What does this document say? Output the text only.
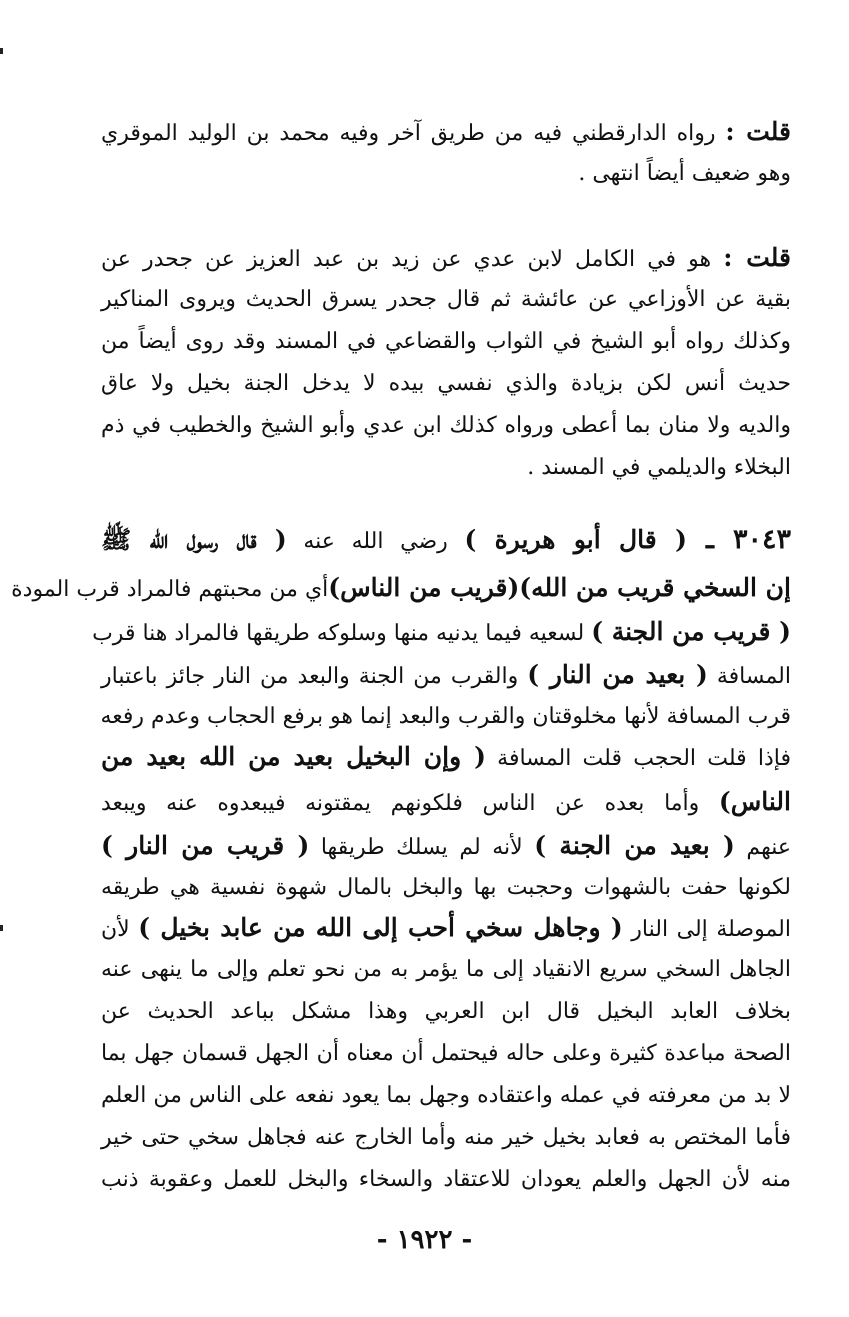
قلت : رواه الدارقطني فيه من طريق آخر وفيه محمد بن الوليد الموقري
وهو ضعيف أيضاً انتهى .
قلت : هو في الكامل لابن عدي عن زيد بن عبد العزيز عن جحدر عن
بقية عن الأوزاعي عن عائشة ثم قال جحدر يسرق الحديث ويروى المناكير
وكذلك رواه أبو الشيخ في الثواب والقضاعي في المسند وقد روى أيضاً من
حديث أنس لكن بزيادة والذي نفسي بيده لا يدخل الجنة بخيل ولا عاق
والديه ولا منان بما أعطى ورواه كذلك ابن عدي وأبو الشيخ والخطيب في ذم
البخلاء والديلمي في المسند .
٣٠٤٣ ـ ( قال أبو هريرة ) رضي الله عنه ( قال رسول الله ﷺ
إن السخي قريب من الله)(قريب من الناس)أي من محبتهم فالمراد قرب المودة
( قريب من الجنة ) لسعيه فيما يدنيه منها وسلوكه طريقها فالمراد هنا قرب
المسافة ( بعيد من النار ) والقرب من الجنة والبعد من النار جائز باعتبار
قرب المسافة لأنها مخلوقتان والقرب والبعد إنما هو برفع الحجاب وعدم رفعه
فإذا قلت الحجب قلت المسافة ( وإن البخيل بعيد من الله بعيد من
الناس) وأما بعده عن الناس فلكونهم يمقتونه فيبعدوه عنه ويبعد
عنهم ( بعيد من الجنة ) لأنه لم يسلك طريقها ( قريب من النار )
لكونها حفت بالشهوات وحجبت بها والبخل بالمال شهوة نفسية هي طريقه
الموصلة إلى النار ( وجاهل سخي أحب إلى الله من عابد بخيل ) لأن
الجاهل السخي سريع الانقياد إلى ما يؤمر به من نحو تعلم وإلى ما ينهى عنه
بخلاف العابد البخيل قال ابن العربي وهذا مشكل بباعد الحديث عن
الصحة مباعدة كثيرة وعلى حاله فيحتمل أن معناه أن الجهل قسمان جهل بما
لا بد من معرفته في عمله واعتقاده وجهل بما يعود نفعه على الناس من العلم
فأما المختص به فعابد بخيل خير منه وأما الخارج عنه فجاهل سخي حتى خير
منه لأن الجهل والعلم يعودان للاعتقاد والسخاء والبخل للعمل وعقوبة ذنب
- ١٩٢٢ -
